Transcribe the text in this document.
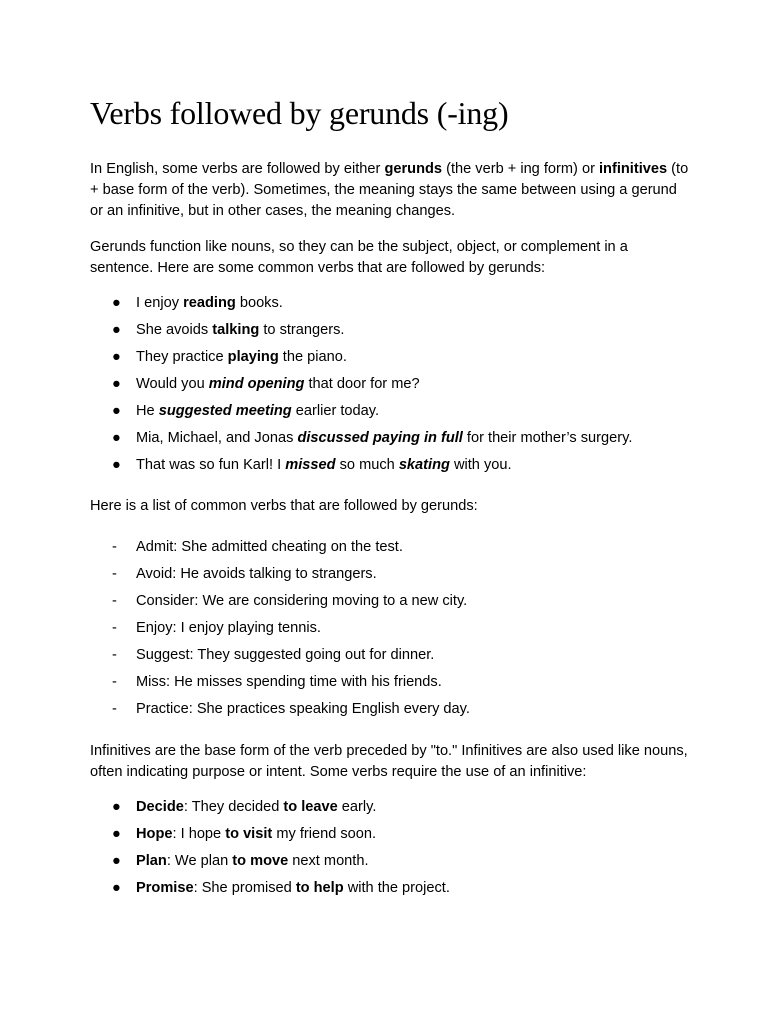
Verbs followed by gerunds (-ing)

In English, some verbs are followed by either gerunds (the verb + ing form) or infinitives (to + base form of the verb). Sometimes, the meaning stays the same between using a gerund or an infinitive, but in other cases, the meaning changes.

Gerunds function like nouns, so they can be the subject, object, or complement in a sentence. Here are some common verbs that are followed by gerunds:

● I enjoy reading books.
● She avoids talking to strangers.
● They practice playing the piano.
● Would you mind opening that door for me?
● He suggested meeting earlier today.
● Mia, Michael, and Jonas discussed paying in full for their mother’s surgery.
● That was so fun Karl! I missed so much skating with you.

Here is a list of common verbs that are followed by gerunds:

- Admit: She admitted cheating on the test.
- Avoid: He avoids talking to strangers.
- Consider: We are considering moving to a new city.
- Enjoy: I enjoy playing tennis.
- Suggest: They suggested going out for dinner.
- Miss: He misses spending time with his friends.
- Practice: She practices speaking English every day.

Infinitives are the base form of the verb preceded by "to." Infinitives are also used like nouns, often indicating purpose or intent. Some verbs require the use of an infinitive:

● Decide: They decided to leave early.
● Hope: I hope to visit my friend soon.
● Plan: We plan to move next month.
● Promise: She promised to help with the project.
